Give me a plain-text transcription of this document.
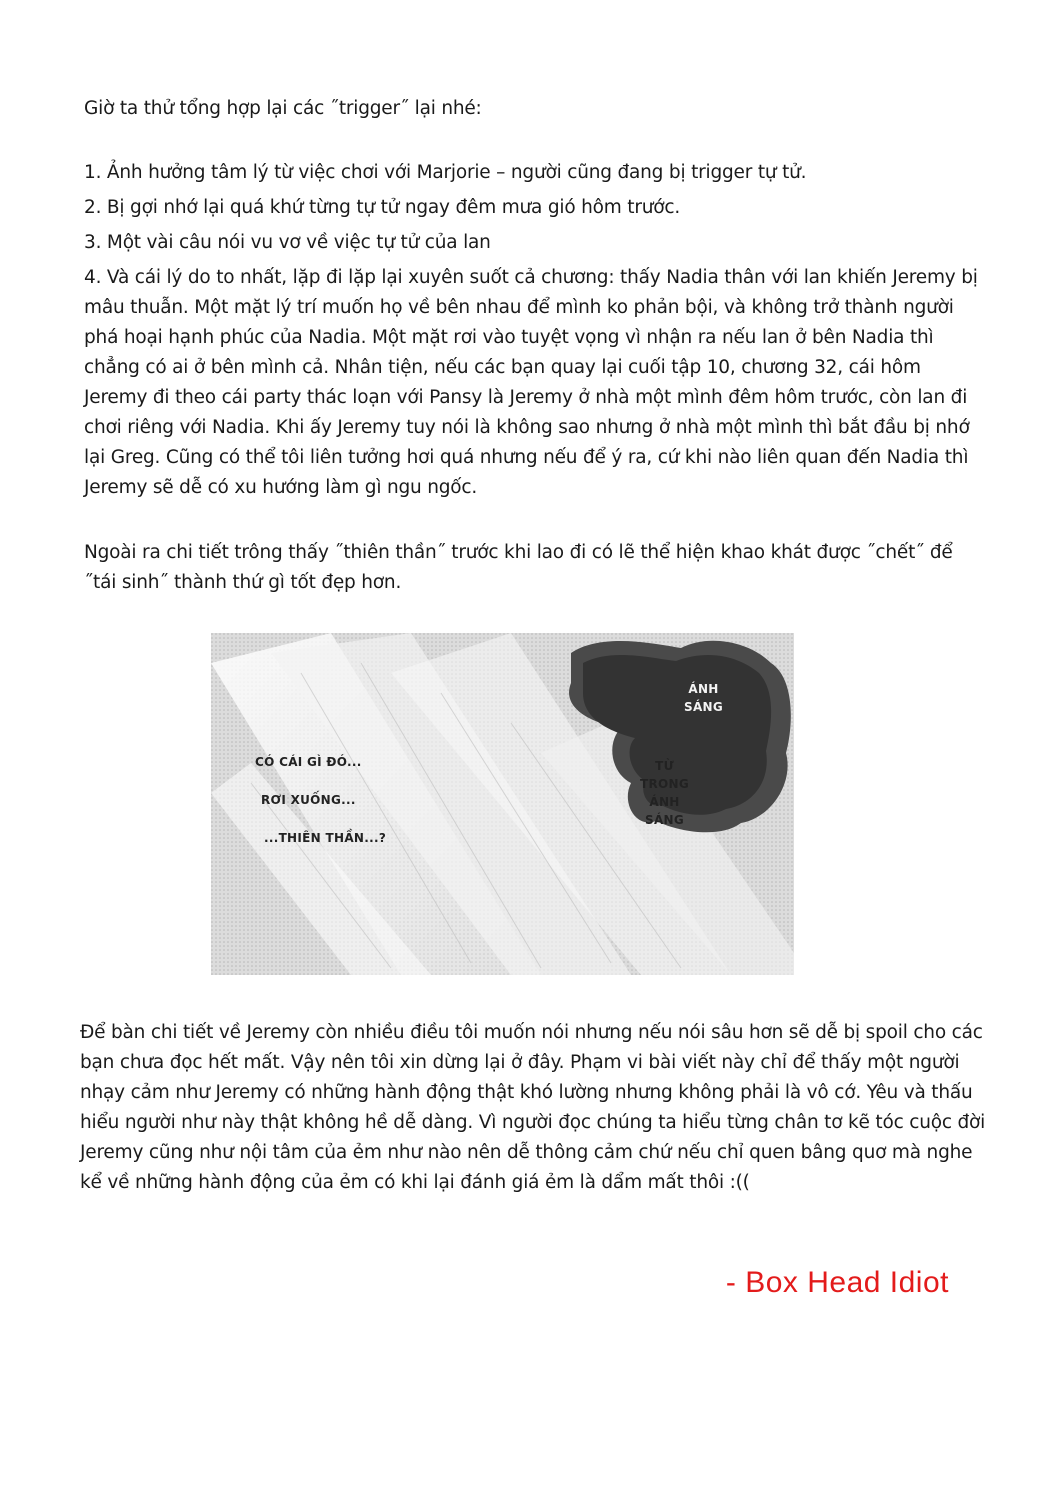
Giờ ta thử tổng hợp lại các ˝trigger˝ lại nhé:

1. Ảnh hưởng tâm lý từ việc chơi với Marjorie – người cũng đang bị trigger tự tử.

2. Bị gợi nhớ lại quá khứ từng tự tử ngay đêm mưa gió hôm trước.

3. Một vài câu nói vu vơ về việc tự tử của lan

4. Và cái lý do to nhất, lặp đi lặp lại xuyên suốt cả chương: thấy Nadia thân với lan khiến Jeremy bị mâu thuẫn. Một mặt lý trí muốn họ về bên nhau để mình ko phản bội, và không trở thành người phá hoại hạnh phúc của Nadia. Một mặt rơi vào tuyệt vọng vì nhận ra nếu lan ở bên Nadia thì chẳng có ai ở bên mình cả. Nhân tiện, nếu các bạn quay lại cuối tập 10, chương 32, cái hôm Jeremy đi theo cái party thác loạn với Pansy là Jeremy ở nhà một mình đêm hôm trước, còn lan đi chơi riêng với Nadia. Khi ấy Jeremy tuy nói là không sao nhưng ở nhà một mình thì bắt đầu bị nhớ lại Greg. Cũng có thể tôi liên tưởng hơi quá nhưng nếu để ý ra, cứ khi nào liên quan đến Nadia thì Jeremy sẽ dễ có xu hướng làm gì ngu ngốc.

Ngoài ra chi tiết trông thấy ˝thiên thần˝ trước khi lao đi có lẽ thể hiện khao khát được ˝chết˝ để ˝tái sinh˝ thành thứ gì tốt đẹp hơn.

CÓ CÁI GÌ ĐÓ...
RƠI XUỐNG...
...THIÊN THẦN...?
ÁNH
SÁNG
TỪ
TRONG
ÁNH
SÁNG

Để bàn chi tiết về Jeremy còn nhiều điều tôi muốn nói nhưng nếu nói sâu hơn sẽ dễ bị spoil cho các bạn chưa đọc hết mất. Vậy nên tôi xin dừng lại ở đây. Phạm vi bài viết này chỉ để thấy một người nhạy cảm như Jeremy có những hành động thật khó lường nhưng không phải là vô cớ. Yêu và thấu hiểu người như này thật không hề dễ dàng. Vì người đọc chúng ta hiểu từng chân tơ kẽ tóc cuộc đời Jeremy cũng như nội tâm của ẻm như nào nên dễ thông cảm chứ nếu chỉ quen bâng quơ mà nghe kể về những hành động của ẻm có khi lại đánh giá ẻm là dẩm mất thôi :((

- Box Head Idiot
